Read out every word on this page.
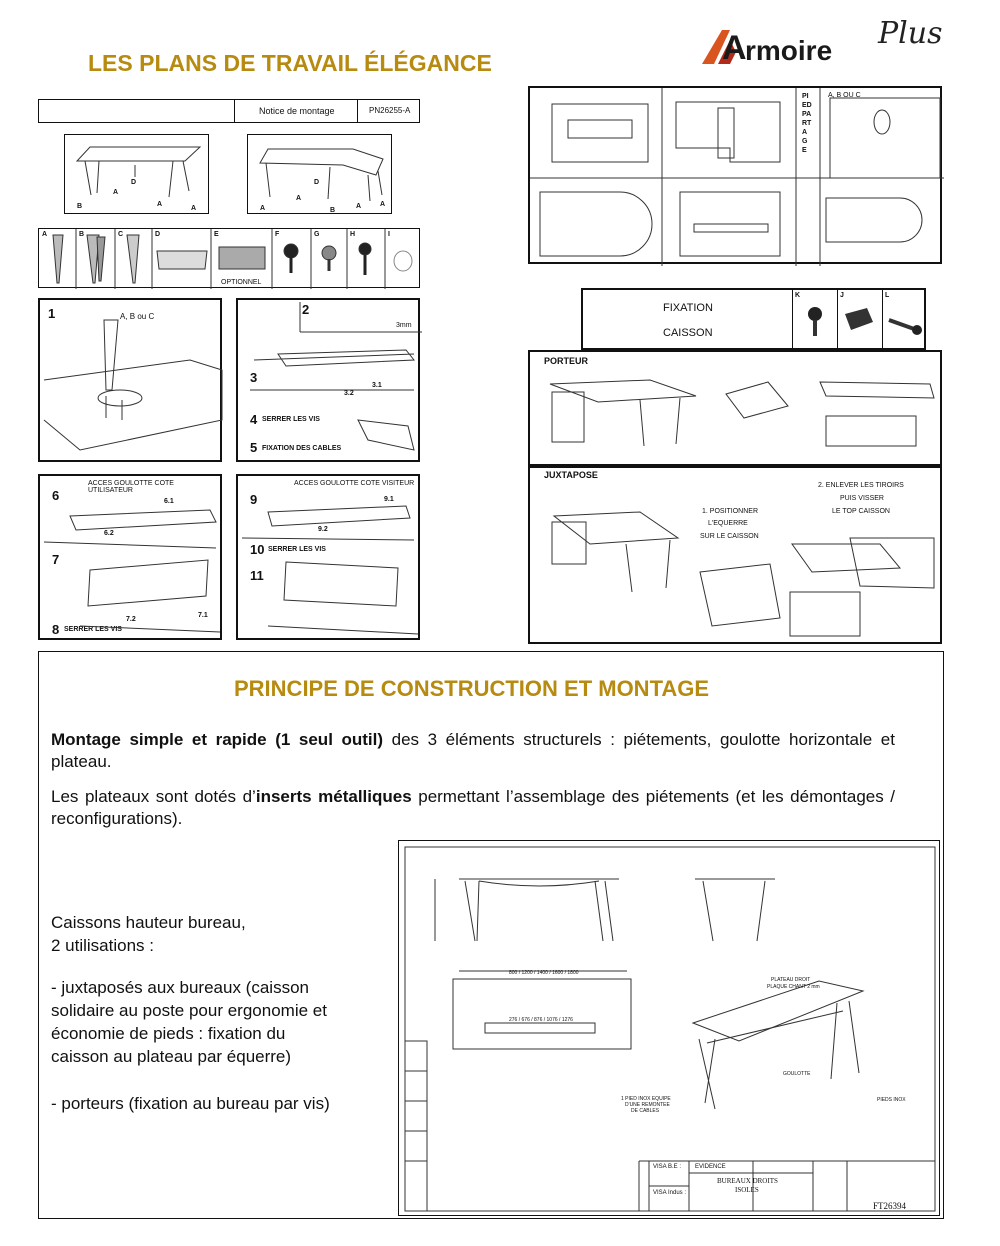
LES PLANS DE TRAVAIL ÉLÉGANCE	A
rmoire Plus
Notice de montage	PN26255-A
D
A
B	A
A
D
A
A	B
A	A
A	B	C	D	E	F	G	H	I
OPTIONNEL
1	A, B ou C	2
3mm
3
3.1
3.2
4 SERRER LES VIS
5 FIXATION DES CABLES
ACCES GOULOTTE COTE UTILISATEUR
6	6.1
6.2
7
7.1
7.2
8 SERRER LES VIS
ACCES GOULOTTE COTE VISITEUR
9	9.1
9.2
10 SERRER LES VIS
11
PIED PARTAGE
A, B OU C
FIXATION
CAISSON
K	J	L
PORTEUR
JUXTAPOSE
1. POSITIONNER
L'EQUERRE
SUR LE CAISSON
2. ENLEVER LES TIROIRS
PUIS VISSER
LE TOP CAISSON
PRINCIPE DE CONSTRUCTION ET MONTAGE
Montage simple et rapide (1 seul outil) des 3 éléments structurels : piétements, goulotte horizontale et plateau.
Les plateaux sont dotés d’inserts métalliques permettant l’assemblage des piétements (et les démontages / reconfigurations).
Caissons hauteur bureau,
2 utilisations :
- juxtaposés aux bureaux (caisson
solidaire au poste pour ergonomie et
économie de pieds : fixation du
caisson au plateau par équerre)
- porteurs (fixation au bureau par vis)
800 / 1200 / 1400 / 1600 / 1800
276 / 676 / 876 / 1076 / 1276
PLATEAU DROIT
PLAQUE CHANT 2 mm
GOULOTTE
PIEDS INOX
1 PIED INOX EQUIPE
D'UNE REMONTEE
DE CABLES
VISA B.E :
VISA Indus :
EVIDENCE
BUREAUX DROITS
ISOLES
FT26394
